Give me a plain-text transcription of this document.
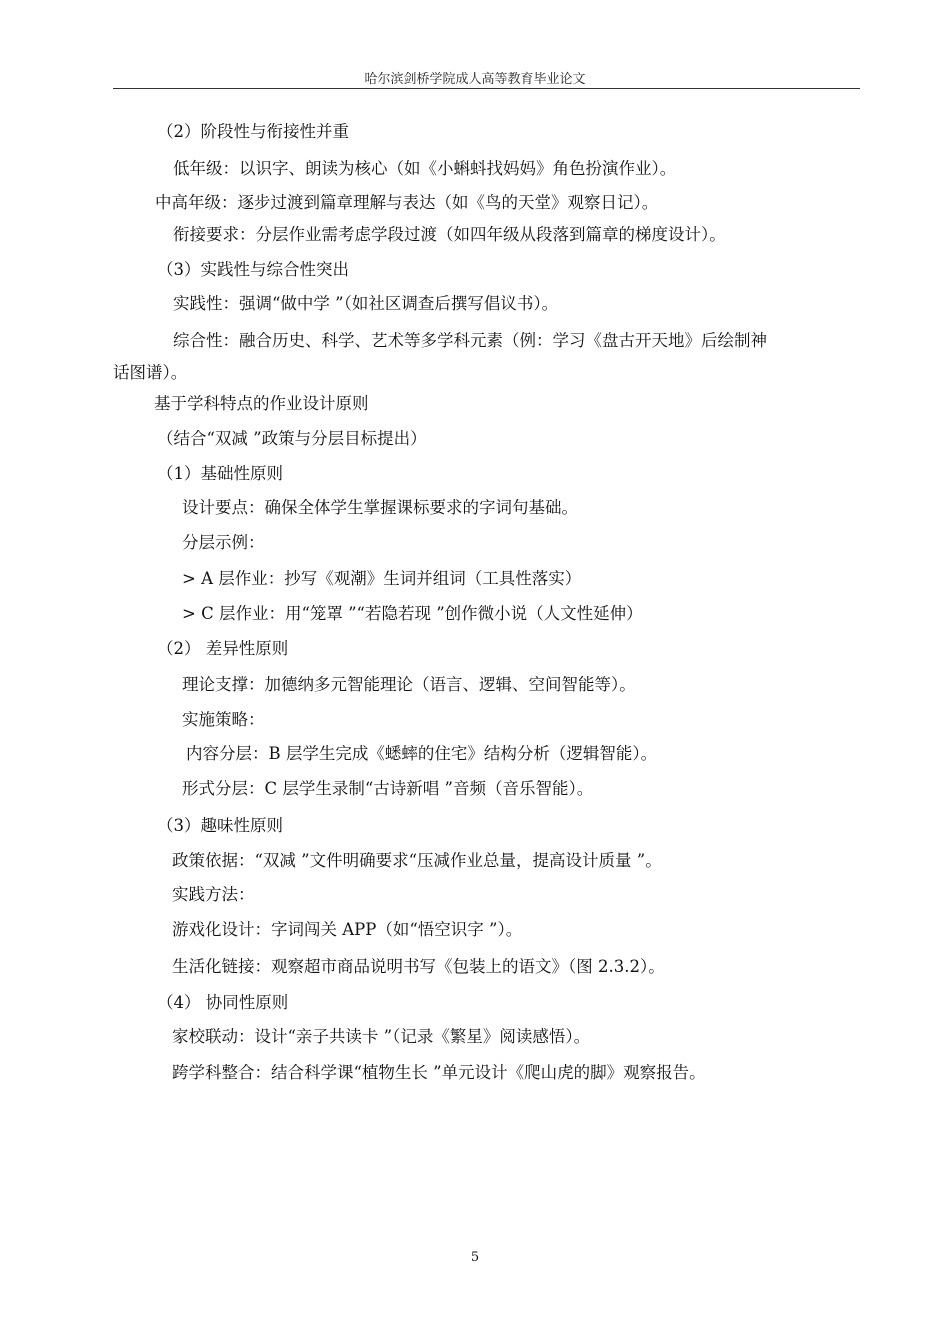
哈尔滨剑桥学院成人高等教育毕业论文
（2）阶段性与衔接性并重
低年级：以识字、朗读为核心（如《小蝌蚪找妈妈》角色扮演作业）。
中高年级：逐步过渡到篇章理解与表达（如《鸟的天堂》观察日记）。
衔接要求：分层作业需考虑学段过渡（如四年级从段落到篇章的梯度设计）。
（3）实践性与综合性突出
实践性：强调“做中学 ”（如社区调查后撰写倡议书）。
综合性：融合历史、科学、艺术等多学科元素（例：学习《盘古开天地》后绘制神
话图谱）。
基于学科特点的作业设计原则
（结合“双减 ”政策与分层目标提出）
（1）基础性原则
设计要点：确保全体学生掌握课标要求的字词句基础。
分层示例：
> A 层作业：抄写《观潮》生词并组词（工具性落实）
> C 层作业：用“笼罩 ”“若隐若现 ”创作微小说（人文性延伸）
（2） 差异性原则
理论支撑：加德纳多元智能理论（语言、逻辑、空间智能等）。
实施策略：
内容分层：B 层学生完成《蟋蟀的住宅》结构分析（逻辑智能）。
形式分层：C 层学生录制“古诗新唱 ”音频（音乐智能）。
（3）趣味性原则
政策依据：“双减 ”文件明确要求“压减作业总量，提高设计质量 ”。
实践方法：
游戏化设计：字词闯关 APP（如“悟空识字 ”）。
生活化链接：观察超市商品说明书写《包装上的语文》（图 2.3.2）。
（4） 协同性原则
家校联动：设计“亲子共读卡 ”（记录《繁星》阅读感悟）。
跨学科整合：结合科学课“植物生长 ”单元设计《爬山虎的脚》观察报告。
5
